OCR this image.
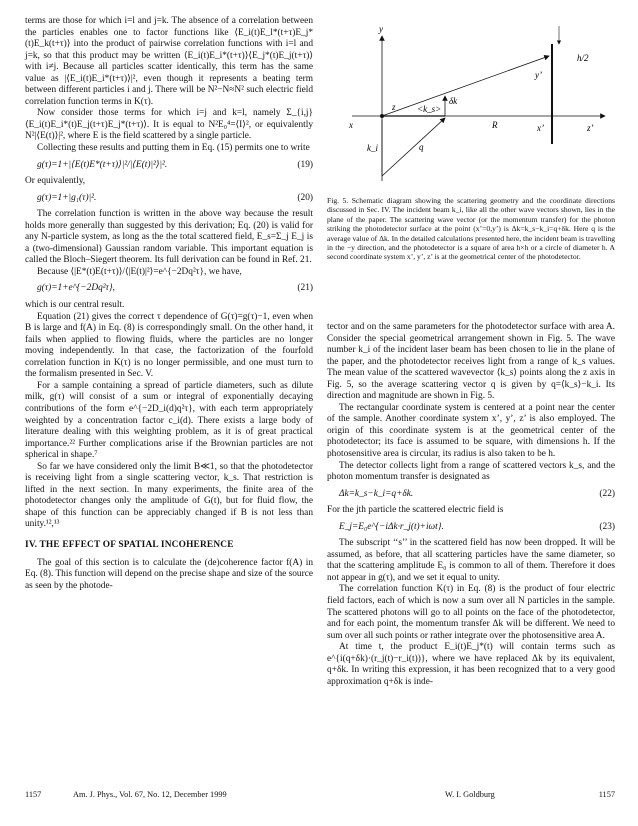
terms are those for which i=l and j=k. The absence of a correlation between the particles enables one to factor functions like ⟨E_i(t)E_l*(t+τ)E_j*(t)E_k(t+τ)⟩ into the product of pairwise correlation functions with i=l and j=k, so that this product may be written ⟨E_i(t)E_i*(t+τ)⟩⟨E_j*(t)E_j(t+τ)⟩ with i≠j. Because all particles scatter identically, this term has the same value as |⟨E_i(t)E_i*(t+τ)⟩|², even though it represents a beating term between different particles i and j. There will be N²−N≈N² such electric field correlation function terms in K(τ).

Now consider those terms for which i=j and k=l, namely Σ_{i,j}⟨E_i(t)E_i*(t)E_j(t+τ)E_j*(t+τ)⟩. It is equal to N²E₀⁴=⟨I⟩², or equivalently N²|⟨E(t)⟩|², where E is the field scattered by a single particle.

Collecting these results and putting them in Eq. (15) permits one to write

g(τ)=1+|⟨E(t)E*(t+τ)⟩|²/|⟨E(t)|²⟩|².	(19)

Or equivalently,

g(τ)=1+|g₁(τ)|².	(20)

The correlation function is written in the above way because the result holds more generally than suggested by this derivation; Eq. (20) is valid for any N-particle system, as long as the the total scattered field, E_s=Σ_j E_j is a (two-dimensional) Gaussian random variable. This important equation is called the Bloch–Siegert theorem. Its full derivation can be found in Ref. 21.

Because ⟨|E*(t)E(t+τ)⟩/⟨|E(t)|²⟩=e^{−2Dq²τ}, we have,

g(τ)=1+e^{−2Dq²τ},	(21)

which is our central result.

Equation (21) gives the correct τ dependence of G(τ)=g(τ)−1, even when B is large and f(A) in Eq. (8) is correspondingly small. On the other hand, it fails when applied to flowing fluids, where the particles are no longer moving independently. In that case, the factorization of the fourfold correlation function in K(τ) is no longer permissible, and one must turn to the formalism presented in Sec. V.

For a sample containing a spread of particle diameters, such as dilute milk, g(τ) will consist of a sum or integral of exponentially decaying contributions of the form e^{−2D_i(d)q²τ}, with each term appropriately weighted by a concentration factor c_i(d). There exists a large body of literature dealing with this weighting problem, as it is of great practical importance.²² Further complications arise if the Brownian particles are not spherical in shape.⁷

So far we have considered only the limit B≪1, so that the photodetector is receiving light from a single scattering vector, k_s. That restriction is lifted in the next section. In many experiments, the finite area of the photodetector changes only the amplitude of G(t), but for fluid flow, the shape of this function can be appreciably changed if B is not less than unity.¹²,¹³

IV. THE EFFECT OF SPATIAL INCOHERENCE

The goal of this section is to calculate the (de)coherence factor f(A) in Eq. (8). This function will depend on the precise shape and size of the source as seen by the photode-

y
x
h/2
y’
x’	z’
δk
z <k_s>
R
q
k_i
Fig. 5. Schematic diagram showing the scattering geometry and the coordinate directions discussed in Sec. IV. The incident beam k_i, like all the other wave vectors shown, lies in the plane of the paper. The scattering wave vector (or the momentum transfer) for the photon striking the photodetector surface at the point (x’=0,y’) is Δk=k_s−k_i=q+δk. Here q is the average value of Δk. In the detailed calculations presented here, the incident beam is travelling in the −y direction, and the photodetector is a square of area h×h or a circle of diameter h. A second coordinate system x’, y’, z’ is at the geometrical center of the photodetector.

tector and on the same parameters for the photodetector surface with area A. Consider the special geometrical arrangement shown in Fig. 5. The wave number k_i of the incident laser beam has been chosen to lie in the plane of the paper, and the photodetector receives light from a range of k_s values. The mean value of the scattered wavevector ⟨k_s⟩ points along the z axis in Fig. 5, so the average scattering vector q is given by q=⟨k_s⟩−k_i. Its direction and magnitude are shown in Fig. 5.

The rectangular coordinate system is centered at a point near the center of the sample. Another coordinate system x’, y’, z’ is also employed. The origin of this coordinate system is at the geometrical center of the photodetector; its face is assumed to be square, with dimensions h. If the photosensitive area is circular, its radius is also taken to be h.

The detector collects light from a range of scattered vectors k_s, and the photon momentum transfer is designated as

Δk=k_s−k_i=q+δk.	(22)

For the jth particle the scattered electric field is

E_j=E₀e^{−iΔk·r_j(t)+iωt}.	(23)

The subscript ‘‘s’’ in the scattered field has now been dropped. It will be assumed, as before, that all scattering particles have the same diameter, so that the scattering amplitude E₀ is common to all of them. Therefore it does not appear in g(τ), and we set it equal to unity.

The correlation function K(τ) in Eq. (8) is the product of four electric field factors, each of which is now a sum over all N particles in the sample. The scattered photons will go to all points on the face of the photodetector, and for each point, the momentum transfer Δk will be different. We need to sum over all such points or rather integrate over the photosensitive area A.

At time t, the product E_i(t)E_j*(t) will contain terms such as e^{i(q+δk)·(r_j(t)−r_i(t))}, where we have replaced Δk by its equivalent, q+δk. In writing this expression, it has been recognized that to a very good approximation q+δk is inde-

1157	Am. J. Phys., Vol. 67, No. 12, December 1999	W. I. Goldburg	1157
